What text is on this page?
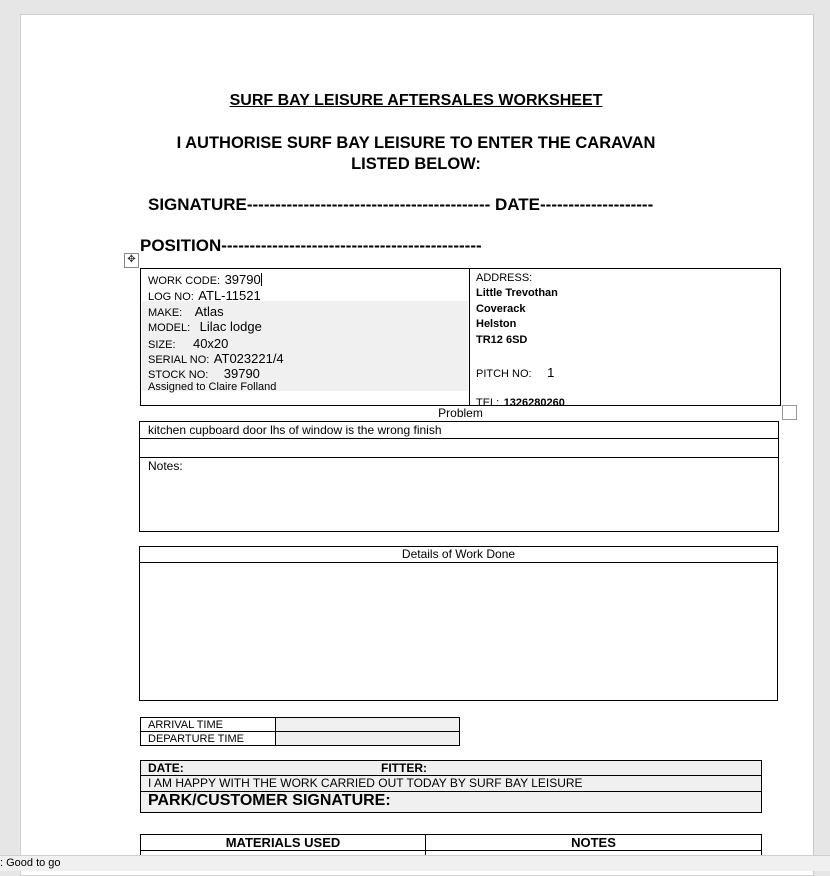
SURF BAY LEISURE AFTERSALES WORKSHEET
I AUTHORISE SURF BAY LEISURE TO ENTER THE CARAVAN
LISTED BELOW:
SIGNATURE------------------------------------------- DATE--------------------
POSITION----------------------------------------------
✥
WORK CODE: 39790
LOG NO: ATL-11521
MAKE: Atlas
MODEL: Lilac lodge
SIZE: 40x20
SERIAL NO: AT023221/4
STOCK NO: 39790
Assigned to Claire Folland
ADDRESS:
Little Trevothan
Coverack
Helston
TR12 6SD
PITCH NO: 1
TEL: 1326280260
Problem
kitchen cupboard door lhs of window is the wrong finish
Notes:
Details of Work Done
ARRIVAL TIME
DEPARTURE TIME
DATE:	FITTER:
I AM HAPPY WITH THE WORK CARRIED OUT TODAY BY SURF BAY LEISURE
PARK/CUSTOMER SIGNATURE:
MATERIALS USED	NOTES
: Good to go
